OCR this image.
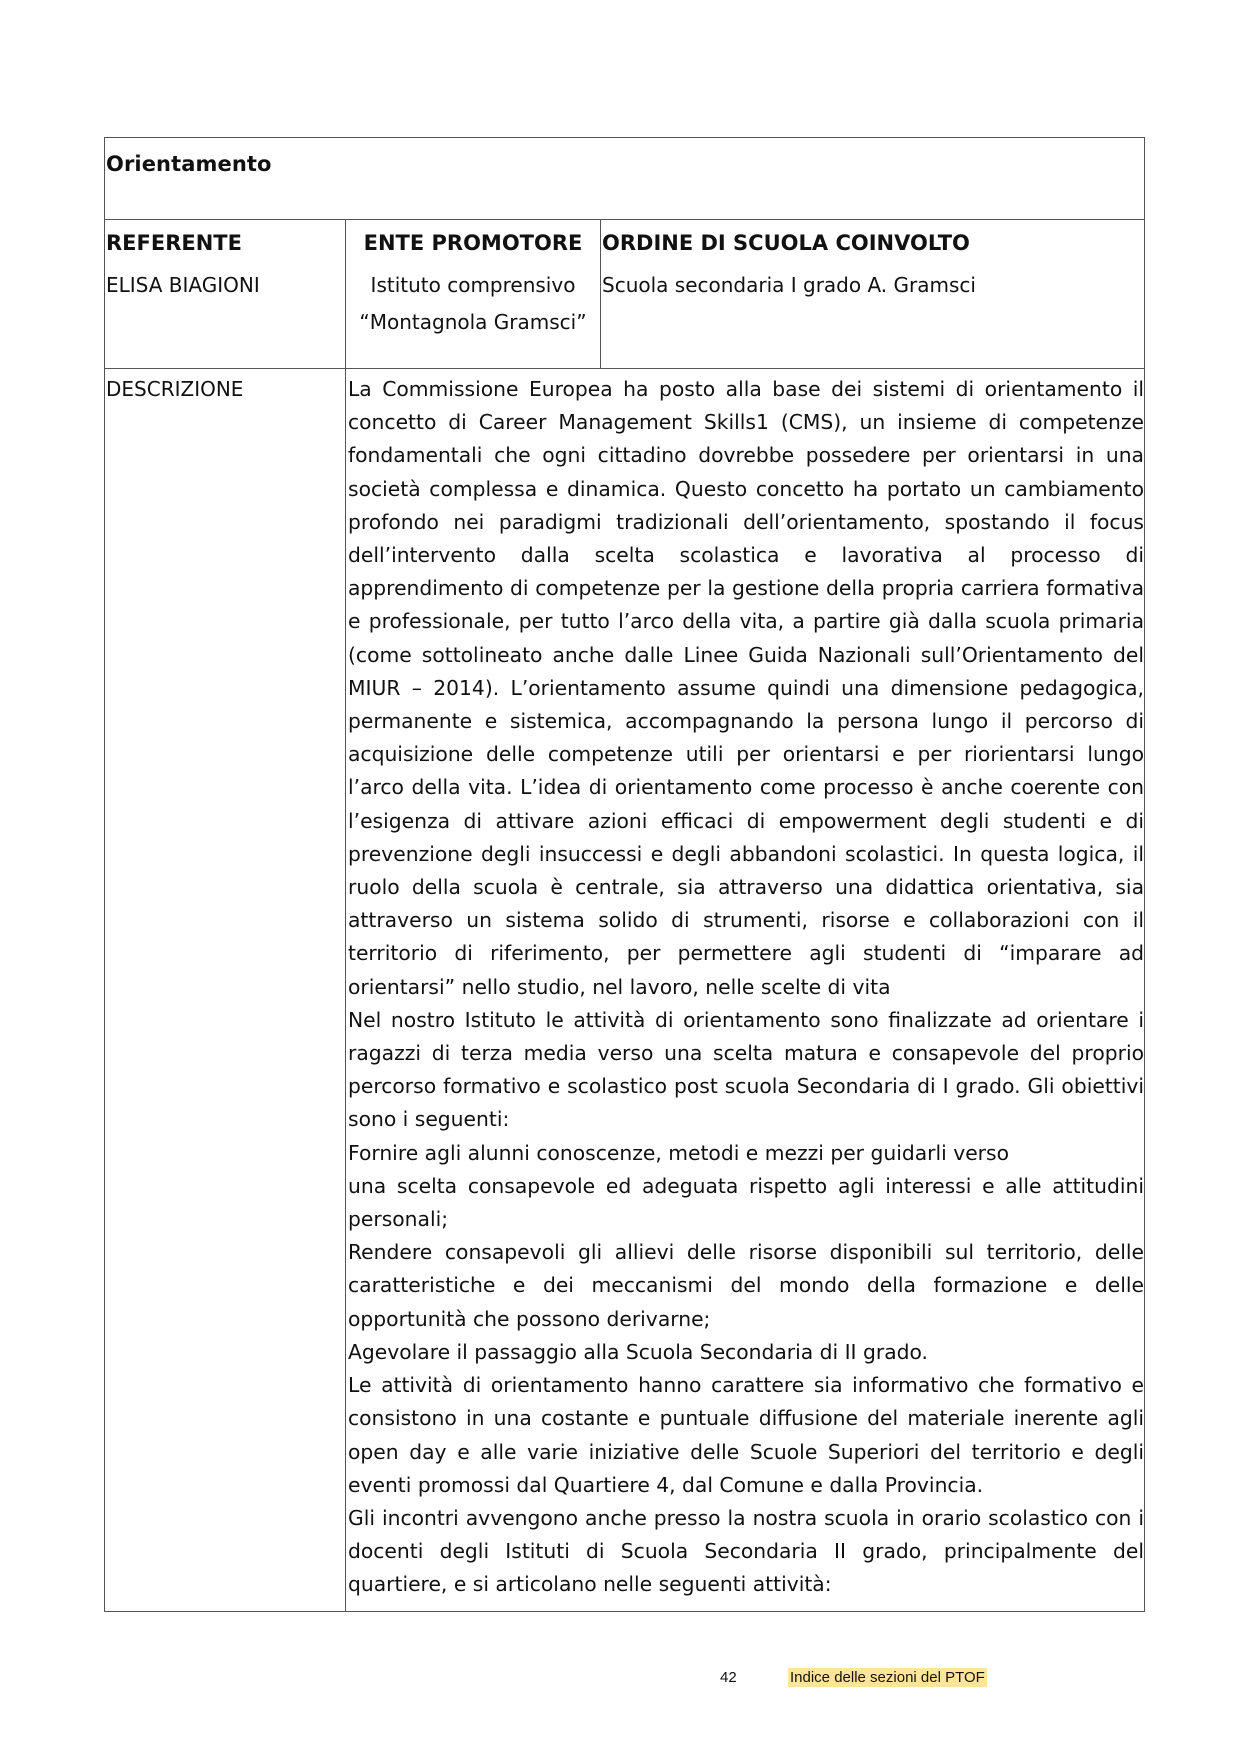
Orientamento
REFERENTE
ELISA BIAGIONI
ENTE PROMOTORE
Istituto comprensivo
“Montagnola Gramsci”
ORDINE DI SCUOLA COINVOLTO
Scuola secondaria I grado A. Gramsci
DESCRIZIONE	La Commissione Europea ha posto alla base dei sistemi di orientamento il concetto di Career Management Skills1 (CMS), un insieme di competenze fondamentali che ogni cittadino dovrebbe possedere per orientarsi in una società complessa e dinamica. Questo concetto ha portato un cambiamento profondo nei paradigmi tradizionali dell’orientamento, spostando il focus dell’intervento dalla scelta scolastica e lavorativa al processo di apprendimento di competenze per la gestione della propria carriera formativa e professionale, per tutto l’arco della vita, a partire già dalla scuola primaria (come sottolineato anche dalle Linee Guida Nazionali sull’Orientamento del MIUR – 2014). L’orientamento assume quindi una dimensione pedagogica, permanente e sistemica, accompagnando la persona lungo il percorso di acquisizione delle competenze utili per orientarsi e per riorientarsi lungo l’arco della vita. L’idea di orientamento come processo è anche coerente con l’esigenza di attivare azioni efficaci di empowerment degli studenti e di prevenzione degli insuccessi e degli abbandoni scolastici. In questa logica, il ruolo della scuola è centrale, sia attraverso una didattica orientativa, sia attraverso un sistema solido di strumenti, risorse e collaborazioni con il territorio di riferimento, per permettere agli studenti di “imparare ad orientarsi” nello studio, nel lavoro, nelle scelte di vita

Nel nostro Istituto le attività di orientamento sono finalizzate ad orientare i ragazzi di terza media verso una scelta matura e consapevole del proprio percorso formativo e scolastico post scuola Secondaria di I grado. Gli obiettivi sono i seguenti:

Fornire agli alunni conoscenze, metodi e mezzi per guidarli verso

una scelta consapevole ed adeguata rispetto agli interessi e alle attitudini personali;

Rendere consapevoli gli allievi delle risorse disponibili sul territorio, delle caratteristiche e dei meccanismi del mondo della formazione e delle opportunità che possono derivarne;

Agevolare il passaggio alla Scuola Secondaria di II grado.

Le attività di orientamento hanno carattere sia informativo che formativo e consistono in una costante e puntuale diffusione del materiale inerente agli open day e alle varie iniziative delle Scuole Superiori del territorio e degli eventi promossi dal Quartiere 4, dal Comune e dalla Provincia.

Gli incontri avvengono anche presso la nostra scuola in orario scolastico con i docenti degli Istituti di Scuola Secondaria II grado, principalmente del quartiere, e si articolano nelle seguenti attività:

42	Indice delle sezioni del PTOF
